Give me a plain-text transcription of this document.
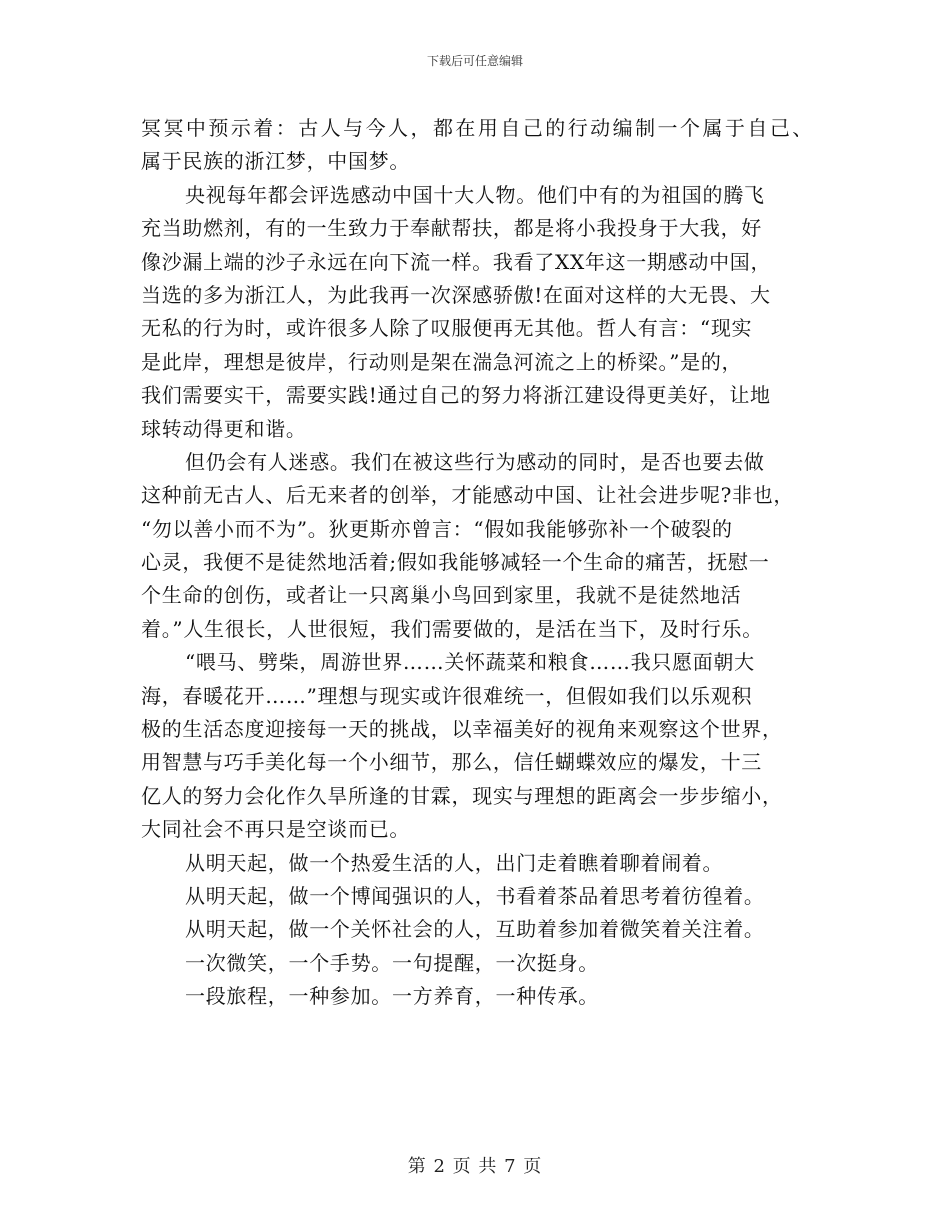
下载后可任意编辑
冥冥中预示着：古人与今人，都在用自己的行动编制一个属于自己、
属于民族的浙江梦，中国梦。
央视每年都会评选感动中国十大人物。他们中有的为祖国的腾飞
充当助燃剂，有的一生致力于奉献帮扶，都是将小我投身于大我，好
像沙漏上端的沙子永远在向下流一样。我看了XX年这一期感动中国，
当选的多为浙江人，为此我再一次深感骄傲!在面对这样的大无畏、大
无私的行为时，或许很多人除了叹服便再无其他。哲人有言：“现实
是此岸，理想是彼岸，行动则是架在湍急河流之上的桥梁。”是的，
我们需要实干，需要实践!通过自己的努力将浙江建设得更美好，让地
球转动得更和谐。
但仍会有人迷惑。我们在被这些行为感动的同时，是否也要去做
这种前无古人、后无来者的创举，才能感动中国、让社会进步呢?非也，
“勿以善小而不为”。狄更斯亦曾言：“假如我能够弥补一个破裂的
心灵，我便不是徒然地活着;假如我能够减轻一个生命的痛苦，抚慰一
个生命的创伤，或者让一只离巢小鸟回到家里，我就不是徒然地活
着。”人生很长，人世很短，我们需要做的，是活在当下，及时行乐。
“喂马、劈柴，周游世界……关怀蔬菜和粮食……我只愿面朝大
海，春暖花开……”理想与现实或许很难统一，但假如我们以乐观积
极的生活态度迎接每一天的挑战，以幸福美好的视角来观察这个世界，
用智慧与巧手美化每一个小细节，那么，信任蝴蝶效应的爆发，十三
亿人的努力会化作久旱所逢的甘霖，现实与理想的距离会一步步缩小，
大同社会不再只是空谈而已。
从明天起，做一个热爱生活的人，出门走着瞧着聊着闹着。
从明天起，做一个博闻强识的人，书看着茶品着思考着彷徨着。
从明天起，做一个关怀社会的人，互助着参加着微笑着关注着。
一次微笑，一个手势。一句提醒，一次挺身。
一段旅程，一种参加。一方养育，一种传承。
第 2 页 共 7 页
